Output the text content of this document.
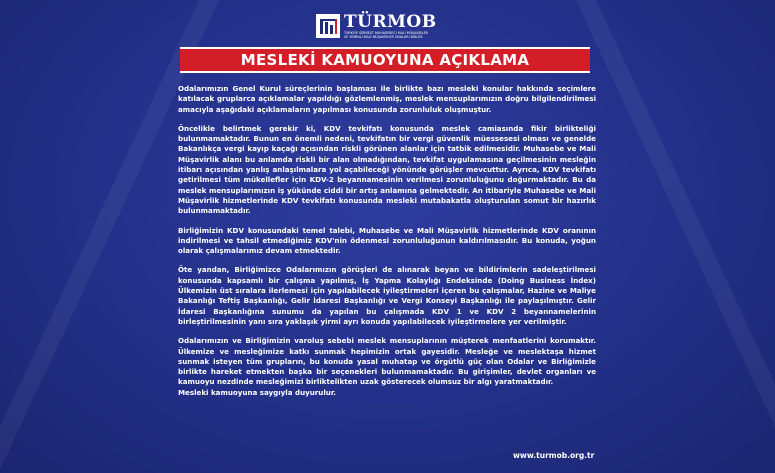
TÜRMOB
TÜRKİYE SERBEST MUHASEBECİ MALİ MÜŞAVİRLER
VE YEMİNLİ MALİ MÜŞAVİRLER ODALARI BİRLİĞİ
MESLEKİ KAMUOYUNA AÇIKLAMA

Odalarımızın Genel Kurul süreçlerinin başlaması ile birlikte bazı mesleki konular hakkında seçimlere katılacak gruplarca açıklamalar yapıldığı gözlemlenmiş, meslek mensuplarımızın doğru bilgilendirilmesi amacıyla aşağıdaki açıklamaların yapılması konusunda zorunluluk oluşmuştur.

Öncelikle belirtmek gerekir ki, KDV tevkifatı konusunda meslek camiasında fikir birlikteliği bulunmamaktadır. Bunun en önemli nedeni, tevkifatın bir vergi güvenlik müessesesi olması ve genelde Bakanlıkça vergi kayıp kaçağı açısından riskli görünen alanlar için tatbik edilmesidir. Muhasebe ve Mali Müşavirlik alanı bu anlamda riskli bir alan olmadığından, tevkifat uygulamasına geçilmesinin mesleğin itibarı açısından yanlış anlaşılmalara yol açabileceği yönünde görüşler mevcuttur. Ayrıca, KDV tevkifatı getirilmesi tüm mükellefler için KDV-2 beyannamesinin verilmesi zorunluluğunu doğurmaktadır. Bu da meslek mensuplarımızın iş yükünde ciddi bir artış anlamına gelmektedir. An itibariyle Muhasebe ve Mali Müşavirlik hizmetlerinde KDV tevkifatı konusunda mesleki mutabakatla oluşturulan somut bir hazırlık bulunmamaktadır.

Birliğimizin KDV konusundaki temel talebi, Muhasebe ve Mali Müşavirlik hizmetlerinde KDV oranının indirilmesi ve tahsil etmediğimiz KDV'nin ödenmesi zorunluluğunun kaldırılmasıdır. Bu konuda, yoğun olarak çalışmalarımız devam etmektedir.

Öte yandan, Birliğimizce Odalarımızın görüşleri de alınarak beyan ve bildirimlerin sadeleştirilmesi konusunda kapsamlı bir çalışma yapılmış, İş Yapma Kolaylığı Endeksinde (Doing Business İndex) Ülkemizin üst sıralara ilerlemesi için yapılabilecek iyileştirmeleri içeren bu çalışmalar, Hazine ve Maliye Bakanlığı Teftiş Başkanlığı, Gelir İdaresi Başkanlığı ve Vergi Konseyi Başkanlığı ile paylaşılmıştır. Gelir İdaresi Başkanlığına sunumu da yapılan bu çalışmada KDV 1 ve KDV 2 beyannamelerinin birleştirilmesinin yanı sıra yaklaşık yirmi ayrı konuda yapılabilecek iyileştirmelere yer verilmiştir.

Odalarımızın ve Birliğimizin varoluş sebebi meslek mensuplarının müşterek menfaatlerini korumaktır. Ülkemize ve mesleğimize katkı sunmak hepimizin ortak gayesidir. Mesleğe ve meslektaşa hizmet sunmak isteyen tüm grupların, bu konuda yasal muhatap ve örgütlü güç olan Odalar ve Birliğimizle birlikte hareket etmekten başka bir seçenekleri bulunmamaktadır. Bu girişimler, devlet organları ve kamuoyu nezdinde mesleğimizi birliktelikten uzak gösterecek olumsuz bir algı yaratmaktadır.

Mesleki kamuoyuna saygıyla duyurulur.

www.turmob.org.tr
